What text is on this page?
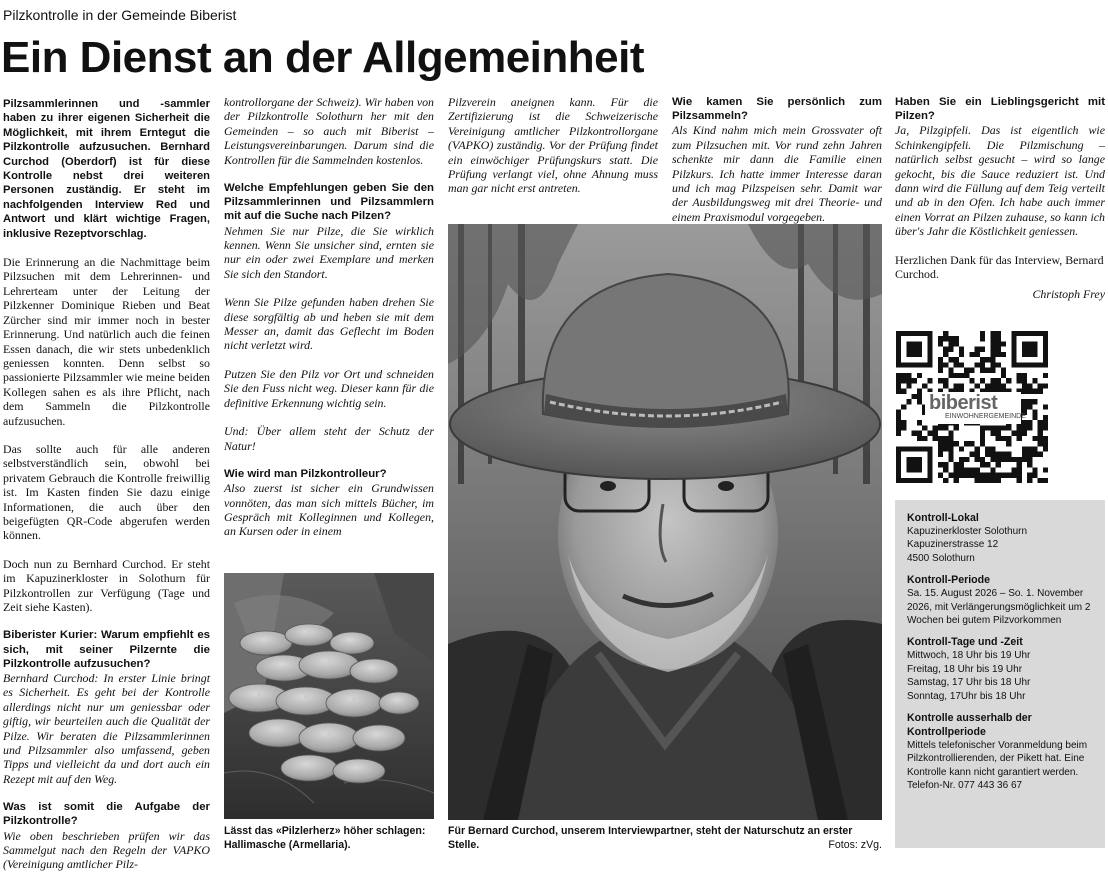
Pilzkontrolle in der Gemeinde Biberist
Ein Dienst an der Allgemeinheit

Pilzsammlerinnen und -sammler haben zu ihrer eigenen Sicherheit die Möglichkeit, mit ihrem Erntegut die Pilzkontrolle aufzusuchen. Bernhard Curchod (Oberdorf) ist für diese Kontrolle nebst drei weiteren Personen zuständig. Er steht im nachfolgenden Interview Red und Antwort und klärt wichtige Fragen, inklusive Rezeptvorschlag.

Die Erinnerung an die Nachmittage beim Pilzsuchen mit dem Lehrerinnen- und Lehrerteam unter der Leitung der Pilzkenner Dominique Rieben und Beat Zürcher sind mir immer noch in bester Erinnerung. Und natürlich auch die feinen Essen danach, die wir stets unbedenklich geniessen konnten. Denn selbst so passionierte Pilzsammler wie meine beiden Kollegen sahen es als ihre Pflicht, nach dem Sammeln die Pilzkontrolle aufzusuchen.

Das sollte auch für alle anderen selbstverständlich sein, obwohl bei privatem Gebrauch die Kontrolle freiwillig ist. Im Kasten finden Sie dazu einige Informationen, die auch über den beigefügten QR-Code abgerufen werden können.

Doch nun zu Bernhard Curchod. Er steht im Kapuzinerkloster in Solothurn für Pilzkontrollen zur Verfügung (Tage und Zeit siehe Kasten).

Biberister Kurier: Warum empfiehlt es sich, mit seiner Pilzernte die Pilzkontrolle aufzusuchen?
Bernhard Curchod: In erster Linie bringt es Sicherheit. Es geht bei der Kontrolle allerdings nicht nur um geniessbar oder giftig, wir beurteilen auch die Qualität der Pilze. Wir beraten die Pilzsammlerinnen und Pilzsammler also umfassend, geben Tipps und vielleicht da und dort auch ein Rezept mit auf den Weg.

Was ist somit die Aufgabe der Pilzkontrolle?
Wie oben beschrieben prüfen wir das Sammelgut nach den Regeln der VAPKO (Vereinigung amtlicher Pilz-

kontrollorgane der Schweiz). Wir haben von der Pilzkontrolle Solothurn her mit den Gemeinden – so auch mit Biberist – Leistungsvereinbarungen. Darum sind die Kontrollen für die Sammelnden kostenlos.

Welche Empfehlungen geben Sie den Pilzsammlerinnen und Pilzsammlern mit auf die Suche nach Pilzen?
Nehmen Sie nur Pilze, die Sie wirklich kennen. Wenn Sie unsicher sind, ernten sie nur ein oder zwei Exemplare und merken Sie sich den Standort.

Wenn Sie Pilze gefunden haben drehen Sie diese sorgfältig ab und heben sie mit dem Messer an, damit das Geflecht im Boden nicht verletzt wird.

Putzen Sie den Pilz vor Ort und schneiden Sie den Fuss nicht weg. Dieser kann für die definitive Erkennung wichtig sein.

Und: Über allem steht der Schutz der Natur!

Wie wird man Pilzkontrolleur?
Also zuerst ist sicher ein Grundwissen vonnöten, das man sich mittels Bücher, im Gespräch mit Kolleginnen und Kollegen, an Kursen oder in einem

Lässt das «Pilzlerherz» höher schlagen: Hallimasche (Armellaria).

Pilzverein aneignen kann. Für die Zertifizierung ist die Schweizerische Vereinigung amtlicher Pilzkontrollorgane (VAPKO) zuständig. Vor der Prüfung findet ein einwöchiger Prüfungskurs statt. Die Prüfung verlangt viel, ohne Ahnung muss man gar nicht erst antreten.

Wie kamen Sie persönlich zum Pilzsammeln?
Als Kind nahm mich mein Grossvater oft zum Pilzsuchen mit. Vor rund zehn Jahren schenkte mir dann die Familie einen Pilzkurs. Ich hatte immer Interesse daran und ich mag Pilzspeisen sehr. Damit war der Ausbildungsweg mit drei Theorie- und einem Praxismodul vorgegeben.

Für Bernard Curchod, unserem Interviewpartner, steht der Naturschutz an erster Stelle.	Fotos: zVg.

Haben Sie ein Lieblingsgericht mit Pilzen?
Ja, Pilzgipfeli. Das ist eigentlich wie Schinkengipfeli. Die Pilzmischung – natürlich selbst gesucht – wird so lange gekocht, bis die Sauce reduziert ist. Und dann wird die Füllung auf dem Teig verteilt und ab in den Ofen. Ich habe auch immer einen Vorrat an Pilzen zuhause, so kann ich über's Jahr die Köstlichkeit geniessen.

Herzlichen Dank für das Interview, Bernard Curchod.

Christoph Frey

biberist
EINWOHNERGEMEINDE
Kontroll-Lokal

Kapuzinerkloster Solothurn
Kapuzinerstrasse 12
4500 Solothurn

Kontroll-Periode

Sa. 15. August 2026 – So. 1. November 2026, mit Verlängerungsmöglichkeit um 2 Wochen bei gutem Pilzvorkommen

Kontroll-Tage und -Zeit

Mittwoch, 18 Uhr bis 19 Uhr
Freitag, 18 Uhr bis 19 Uhr
Samstag, 17 Uhr bis 18 Uhr
Sonntag, 17Uhr bis 18 Uhr

Kontrolle ausserhalb der Kontrollperiode

Mittels telefonischer Voranmeldung beim Pilzkontrollierenden, der Pikett hat. Eine Kontrolle kann nicht garantiert werden.
Telefon-Nr. 077 443 36 67
